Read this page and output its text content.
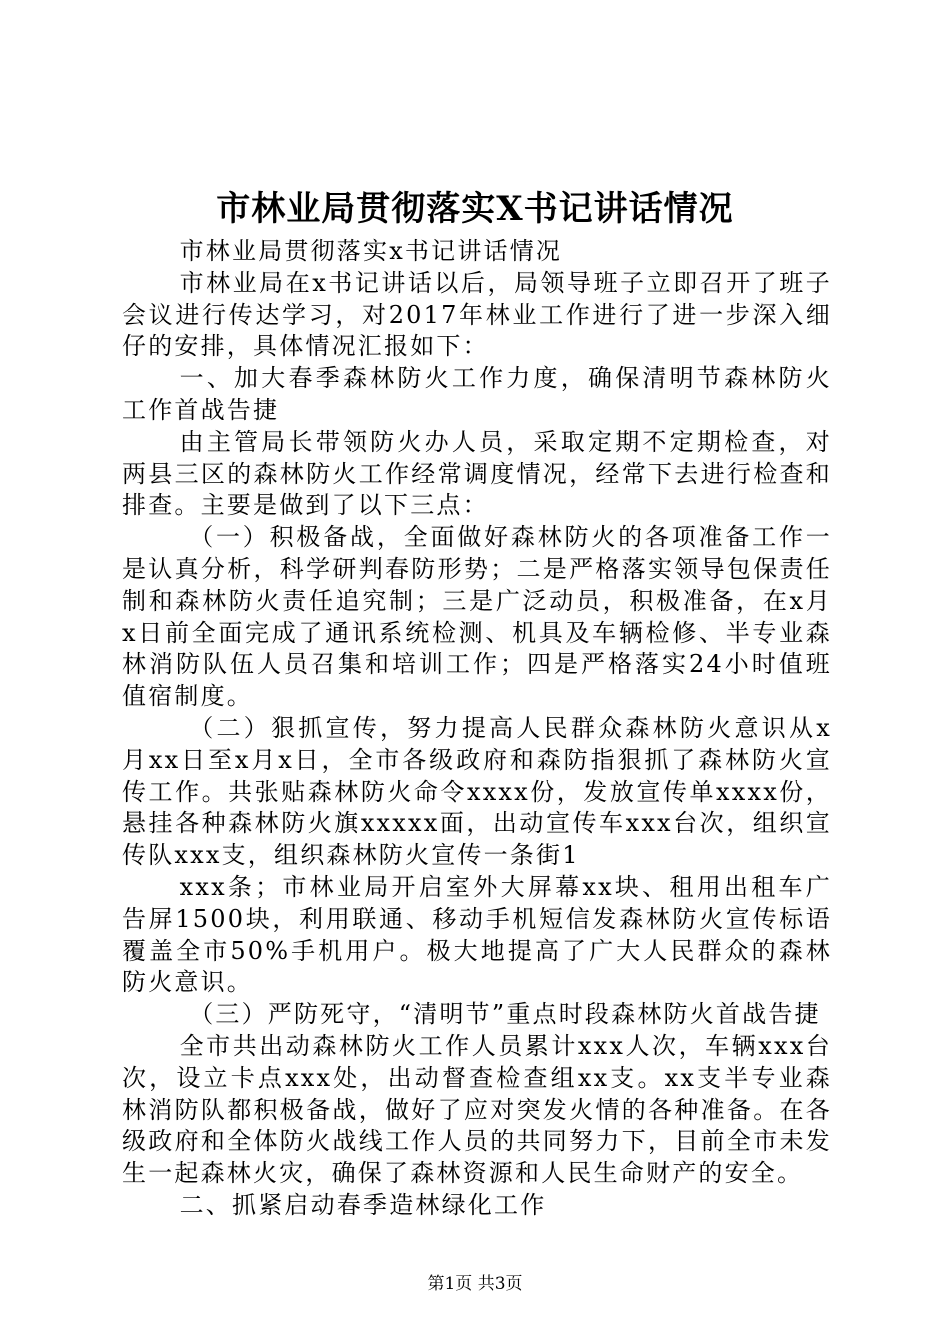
市林业局贯彻落实X书记讲话情况

市林业局贯彻落实x书记讲话情况

市林业局在x书记讲话以后，局领导班子立即召开了班子会议进行传达学习，对2017年林业工作进行了进一步深入细仔的安排，具体情况汇报如下：

一、加大春季森林防火工作力度，确保清明节森林防火工作首战告捷

由主管局长带领防火办人员，采取定期不定期检查，对两县三区的森林防火工作经常调度情况，经常下去进行检查和排查。主要是做到了以下三点：

（一）积极备战，全面做好森林防火的各项准备工作一是认真分析，科学研判春防形势；二是严格落实领导包保责任制和森林防火责任追究制；三是广泛动员，积极准备，在x月x日前全面完成了通讯系统检测、机具及车辆检修、半专业森林消防队伍人员召集和培训工作；四是严格落实24小时值班值宿制度。

（二）狠抓宣传，努力提高人民群众森林防火意识从x月xx日至x月x日，全市各级政府和森防指狠抓了森林防火宣传工作。共张贴森林防火命令xxxx份，发放宣传单xxxx份，悬挂各种森林防火旗xxxxx面，出动宣传车xxx台次，组织宣传队xxx支，组织森林防火宣传一条街1

xxx条；市林业局开启室外大屏幕xx块、租用出租车广告屏1500块，利用联通、移动手机短信发森林防火宣传标语覆盖全市50%手机用户。极大地提高了广大人民群众的森林防火意识。

（三）严防死守，“清明节”重点时段森林防火首战告捷

全市共出动森林防火工作人员累计xxx人次，车辆xxx台次，设立卡点xxx处，出动督查检查组xx支。xx支半专业森林消防队都积极备战，做好了应对突发火情的各种准备。在各级政府和全体防火战线工作人员的共同努力下，目前全市未发生一起森林火灾，确保了森林资源和人民生命财产的安全。

二、抓紧启动春季造林绿化工作

第1页 共3页
